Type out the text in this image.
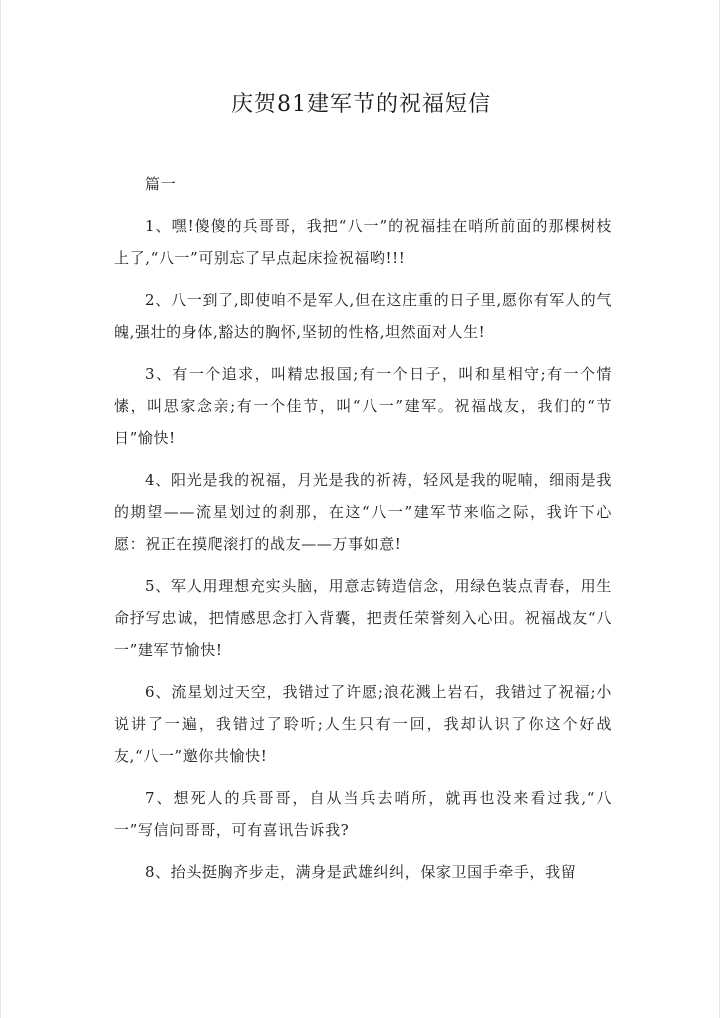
庆贺81建军节的祝福短信

篇一

1、嘿!傻傻的兵哥哥，我把“八一”的祝福挂在哨所前面的那棵树枝上了,“八一”可别忘了早点起床捡祝福哟!!!

2、八一到了,即使咱不是军人,但在这庄重的日子里,愿你有军人的气魄,强壮的身体,豁达的胸怀,坚韧的性格,坦然面对人生!

3、有一个追求，叫精忠报国;有一个日子，叫和星相守;有一个情愫，叫思家念亲;有一个佳节，叫“八一”建军。祝福战友，我们的“节日”愉快!

4、阳光是我的祝福，月光是我的祈祷，轻风是我的呢喃，细雨是我的期望——流星划过的刹那，在这“八一”建军节来临之际，我许下心愿：祝正在摸爬滚打的战友——万事如意!

5、军人用理想充实头脑，用意志铸造信念，用绿色装点青春，用生命抒写忠诚，把情感思念打入背囊，把责任荣誉刻入心田。祝福战友“八一”建军节愉快!

6、流星划过天空，我错过了许愿;浪花溅上岩石，我错过了祝福;小说讲了一遍，我错过了聆听;人生只有一回，我却认识了你这个好战友,“八一”邀你共愉快!

7、想死人的兵哥哥，自从当兵去哨所，就再也没来看过我,“八一”写信问哥哥，可有喜讯告诉我?

8、抬头挺胸齐步走，满身是武雄纠纠，保家卫国手牵手，我留
